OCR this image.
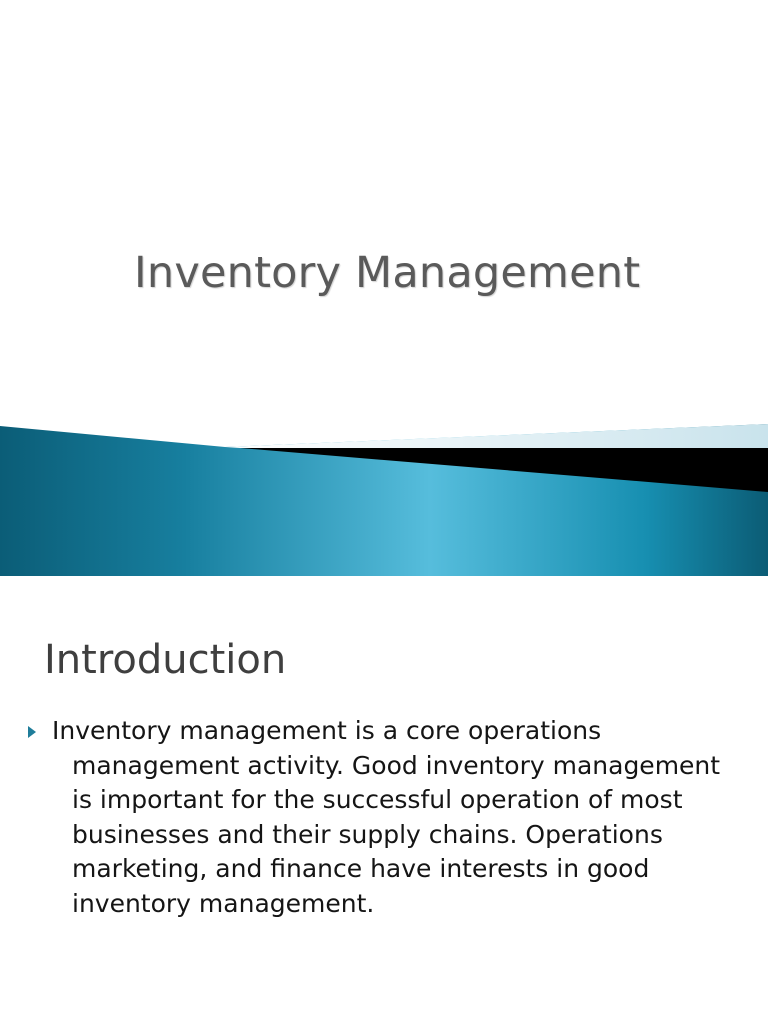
Inventory Management
Introduction

Inventory management is a core operations management activity. Good inventory management is important for the successful operation of most businesses and their supply chains. Operations marketing, and finance have interests in good inventory management.
